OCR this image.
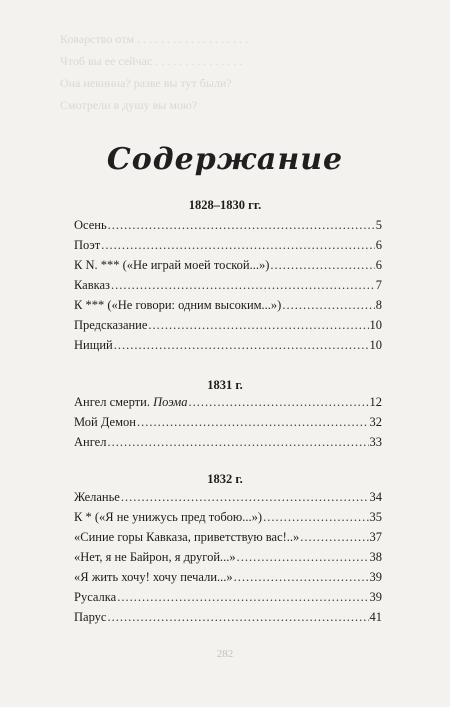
Коварство отм . . . . . . . . . . . . . . . . . . .
Чтоб вы ее сейчас . . . . . . . . . . . . . . .
Она невинна? разве вы тут были?
Смотрели в душу вы мою?
Содержание
1828–1830 гг.
Осень .....	5
Поэт .....	6
К N. *** («Не играй моей тоской...») .....	6
Кавказ .....	7
К *** («Не говори: одним высоким...») .....	8
Предсказание .....	10
Нищий .....	10
1831 г.
Ангел смерти. Поэма .....	12
Мой Демон .....	32
Ангел .....	33
1832 г.
Желанье .....	34
К * («Я не унижусь пред тобою...») .....	35
«Синие горы Кавказа, приветствую вас!..» .....	37
«Нет, я не Байрон, я другой...» .....	38
«Я жить хочу! хочу печали...» .....	39
Русалка .....	39
Парус .....	41
282
